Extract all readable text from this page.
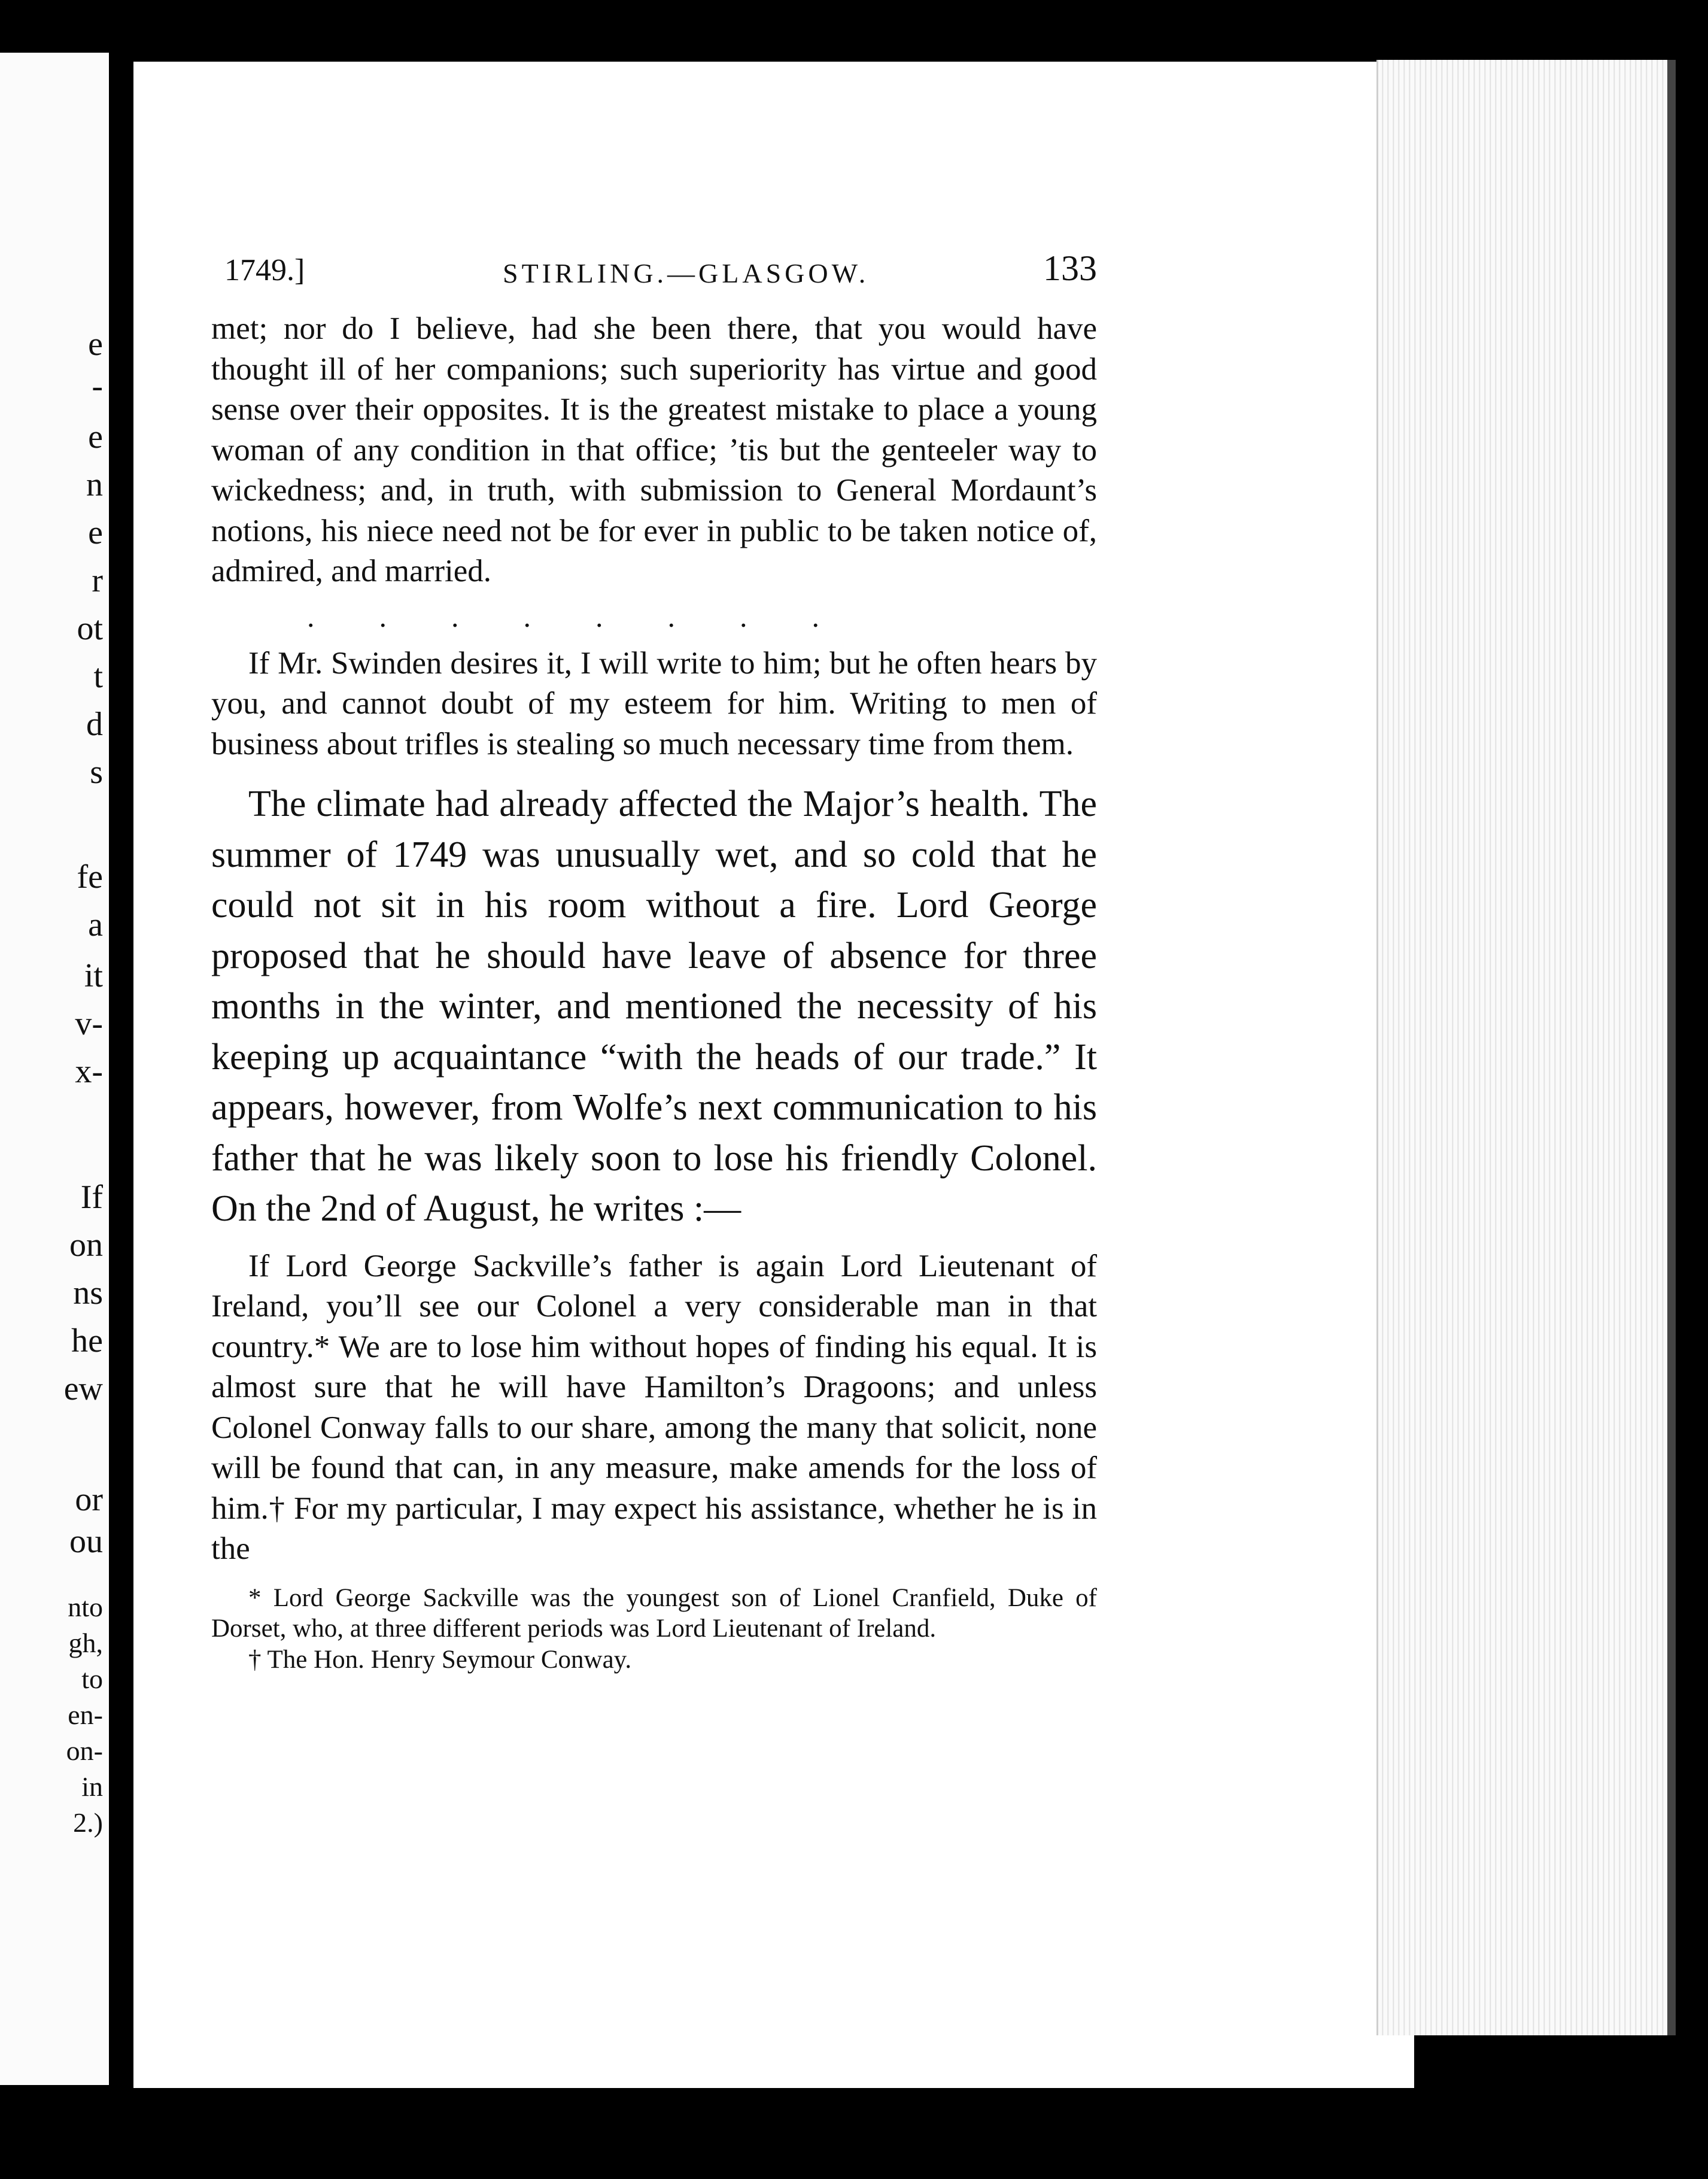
e
-
e
n
e
r
ot
t
d
s
fe
a
it
v-
x-
If
on
ns
he
ew
or
ou
nto
gh,
to
en-
on-
in
2.)
1749.]	STIRLING.—GLASGOW.	133

met; nor do I believe, had she been there, that you would have thought ill of her companions; such superiority has virtue and good sense over their opposites. It is the greatest mistake to place a young woman of any condition in that office; ’tis but the genteeler way to wickedness; and, in truth, with submission to General Mordaunt’s notions, his niece need not be for ever in public to be taken notice of, admired, and married.

........

If Mr. Swinden desires it, I will write to him; but he often hears by you, and cannot doubt of my esteem for him. Writing to men of business about trifles is stealing so much necessary time from them.

The climate had already affected the Major’s health. The summer of 1749 was unusually wet, and so cold that he could not sit in his room without a fire. Lord George proposed that he should have leave of absence for three months in the winter, and mentioned the necessity of his keeping up acquaintance “with the heads of our trade.” It appears, however, from Wolfe’s next communication to his father that he was likely soon to lose his friendly Colonel. On the 2nd of August, he writes :—

If Lord George Sackville’s father is again Lord Lieutenant of Ireland, you’ll see our Colonel a very considerable man in that country.* We are to lose him without hopes of finding his equal. It is almost sure that he will have Hamilton’s Dragoons; and unless Colonel Conway falls to our share, among the many that solicit, none will be found that can, in any measure, make amends for the loss of him.† For my particular, I may expect his assistance, whether he is in the

* Lord George Sackville was the youngest son of Lionel Cranfield, Duke of Dorset, who, at three different periods was Lord Lieutenant of Ireland.

† The Hon. Henry Seymour Conway.
